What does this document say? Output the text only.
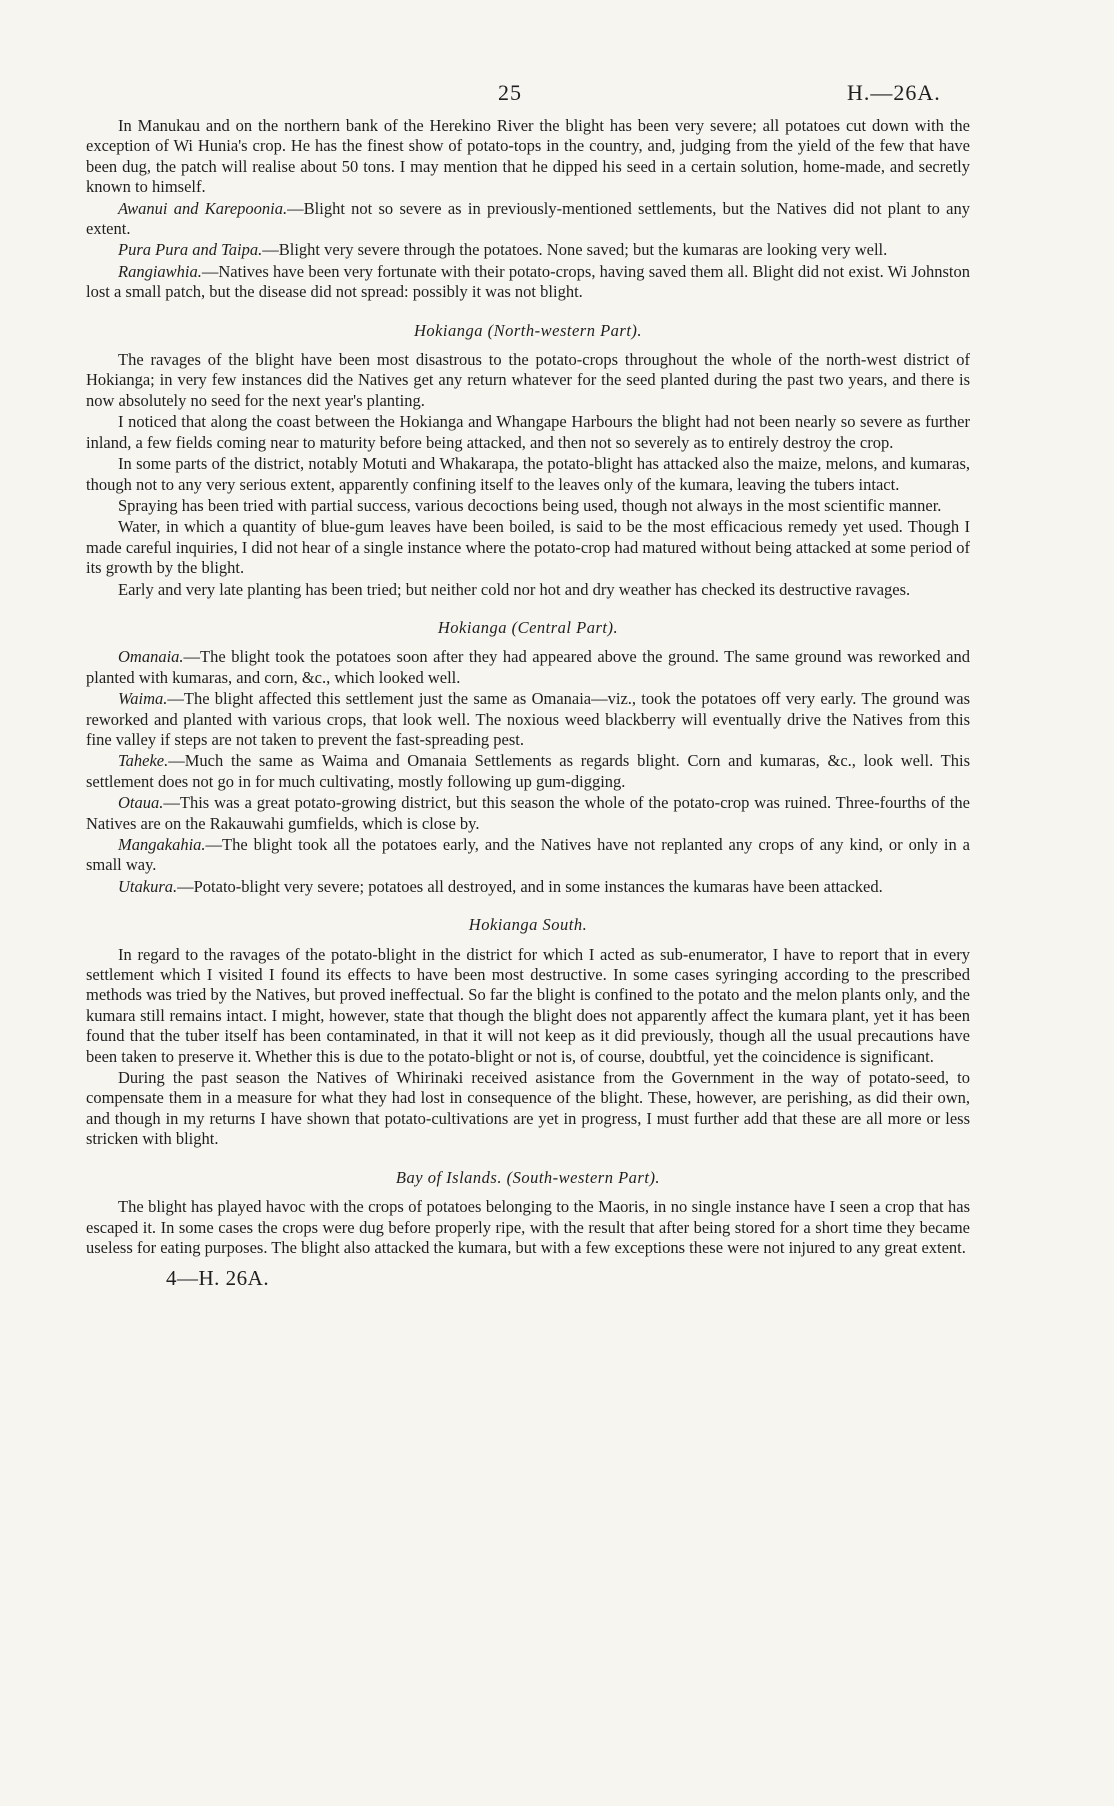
25	H.—26A.

In Manukau and on the northern bank of the Herekino River the blight has been very severe; all potatoes cut down with the exception of Wi Hunia's crop. He has the finest show of potato-tops in the country, and, judging from the yield of the few that have been dug, the patch will realise about 50 tons. I may mention that he dipped his seed in a certain solution, home-made, and secretly known to himself.

Awanui and Karepoonia.—Blight not so severe as in previously-mentioned settlements, but the Natives did not plant to any extent.

Pura Pura and Taipa.—Blight very severe through the potatoes. None saved; but the kumaras are looking very well.

Rangiawhia.—Natives have been very fortunate with their potato-crops, having saved them all. Blight did not exist. Wi Johnston lost a small patch, but the disease did not spread: possibly it was not blight.

Hokianga (North-western Part).

The ravages of the blight have been most disastrous to the potato-crops throughout the whole of the north-west district of Hokianga; in very few instances did the Natives get any return whatever for the seed planted during the past two years, and there is now absolutely no seed for the next year's planting.

I noticed that along the coast between the Hokianga and Whangape Harbours the blight had not been nearly so severe as further inland, a few fields coming near to maturity before being attacked, and then not so severely as to entirely destroy the crop.

In some parts of the district, notably Motuti and Whakarapa, the potato-blight has attacked also the maize, melons, and kumaras, though not to any very serious extent, apparently confining itself to the leaves only of the kumara, leaving the tubers intact.

Spraying has been tried with partial success, various decoctions being used, though not always in the most scientific manner.

Water, in which a quantity of blue-gum leaves have been boiled, is said to be the most efficacious remedy yet used. Though I made careful inquiries, I did not hear of a single instance where the potato-crop had matured without being attacked at some period of its growth by the blight.

Early and very late planting has been tried; but neither cold nor hot and dry weather has checked its destructive ravages.

Hokianga (Central Part).

Omanaia.—The blight took the potatoes soon after they had appeared above the ground. The same ground was reworked and planted with kumaras, and corn, &c., which looked well.

Waima.—The blight affected this settlement just the same as Omanaia—viz., took the potatoes off very early. The ground was reworked and planted with various crops, that look well. The noxious weed blackberry will eventually drive the Natives from this fine valley if steps are not taken to prevent the fast-spreading pest.

Taheke.—Much the same as Waima and Omanaia Settlements as regards blight. Corn and kumaras, &c., look well. This settlement does not go in for much cultivating, mostly following up gum-digging.

Otaua.—This was a great potato-growing district, but this season the whole of the potato-crop was ruined. Three-fourths of the Natives are on the Rakauwahi gumfields, which is close by.

Mangakahia.—The blight took all the potatoes early, and the Natives have not replanted any crops of any kind, or only in a small way.

Utakura.—Potato-blight very severe; potatoes all destroyed, and in some instances the kumaras have been attacked.

Hokianga South.

In regard to the ravages of the potato-blight in the district for which I acted as sub-enumerator, I have to report that in every settlement which I visited I found its effects to have been most destructive. In some cases syringing according to the prescribed methods was tried by the Natives, but proved ineffectual. So far the blight is confined to the potato and the melon plants only, and the kumara still remains intact. I might, however, state that though the blight does not apparently affect the kumara plant, yet it has been found that the tuber itself has been contaminated, in that it will not keep as it did previously, though all the usual precautions have been taken to preserve it. Whether this is due to the potato-blight or not is, of course, doubtful, yet the coincidence is significant.

During the past season the Natives of Whirinaki received asistance from the Government in the way of potato-seed, to compensate them in a measure for what they had lost in consequence of the blight. These, however, are perishing, as did their own, and though in my returns I have shown that potato-cultivations are yet in progress, I must further add that these are all more or less stricken with blight.

Bay of Islands. (South-western Part).

The blight has played havoc with the crops of potatoes belonging to the Maoris, in no single instance have I seen a crop that has escaped it. In some cases the crops were dug before properly ripe, with the result that after being stored for a short time they became useless for eating purposes. The blight also attacked the kumara, but with a few exceptions these were not injured to any great extent.

4—H. 26A.
